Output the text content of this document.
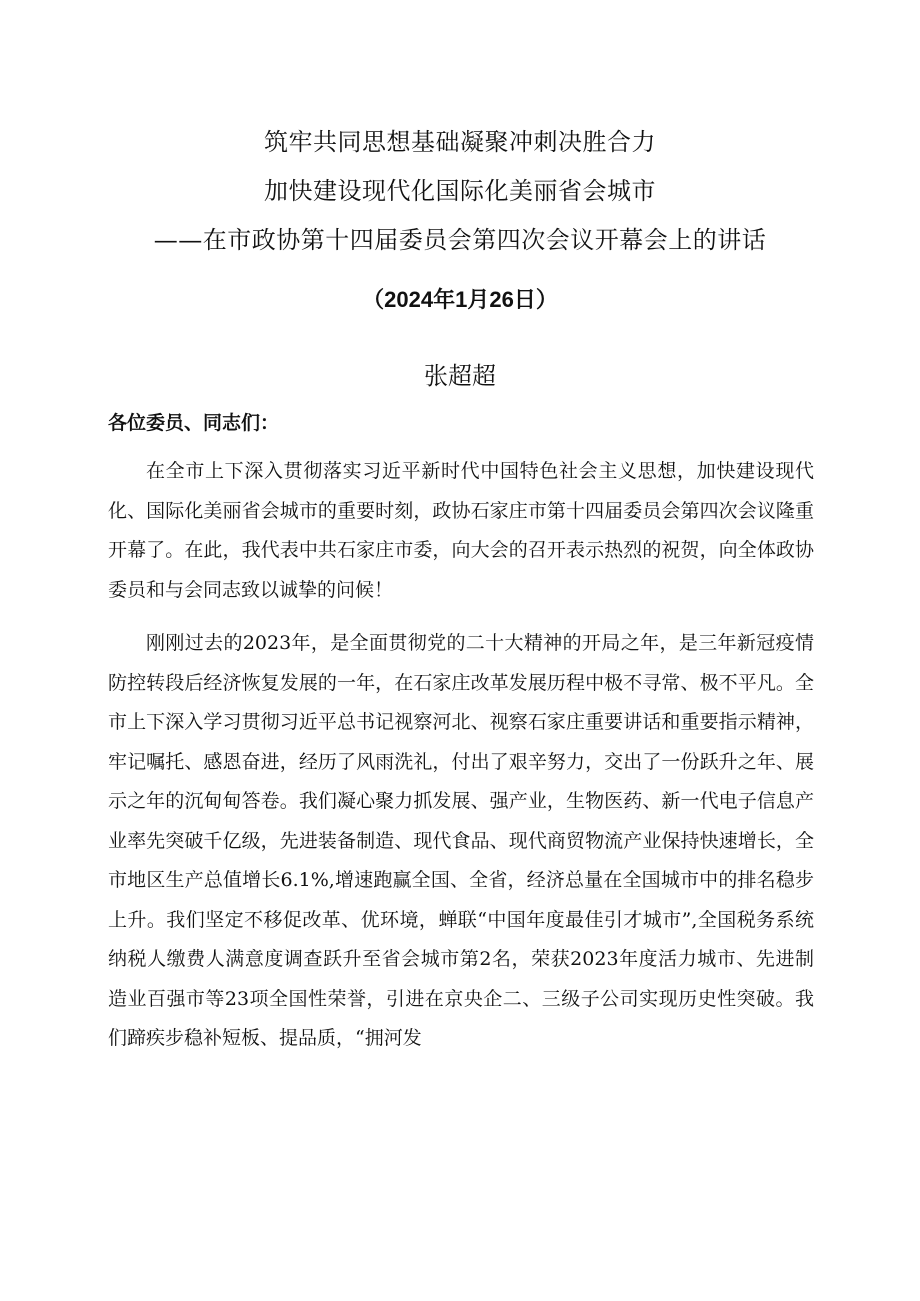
筑牢共同思想基础凝聚冲刺决胜合力
加快建设现代化国际化美丽省会城市
——在市政协第十四届委员会第四次会议开幕会上的讲话
（2024年1月26日）
张超超
各位委员、同志们：

在全市上下深入贯彻落实习近平新时代中国特色社会主义思想，加快建设现代化、国际化美丽省会城市的重要时刻，政协石家庄市第十四届委员会第四次会议隆重开幕了。在此，我代表中共石家庄市委，向大会的召开表示热烈的祝贺，向全体政协委员和与会同志致以诚挚的问候！

刚刚过去的2023年，是全面贯彻党的二十大精神的开局之年，是三年新冠疫情防控转段后经济恢复发展的一年，在石家庄改革发展历程中极不寻常、极不平凡。全市上下深入学习贯彻习近平总书记视察河北、视察石家庄重要讲话和重要指示精神，牢记嘱托、感恩奋进，经历了风雨洗礼，付出了艰辛努力，交出了一份跃升之年、展示之年的沉甸甸答卷。我们凝心聚力抓发展、强产业，生物医药、新一代电子信息产业率先突破千亿级，先进装备制造、现代食品、现代商贸物流产业保持快速增长，全市地区生产总值增长6.1%,增速跑赢全国、全省，经济总量在全国城市中的排名稳步上升。我们坚定不移促改革、优环境，蝉联“中国年度最佳引才城市”,全国税务系统纳税人缴费人满意度调查跃升至省会城市第2名，荣获2023年度活力城市、先进制造业百强市等23项全国性荣誉，引进在京央企二、三级子公司实现历史性突破。我们蹄疾步稳补短板、提品质，“拥河发
